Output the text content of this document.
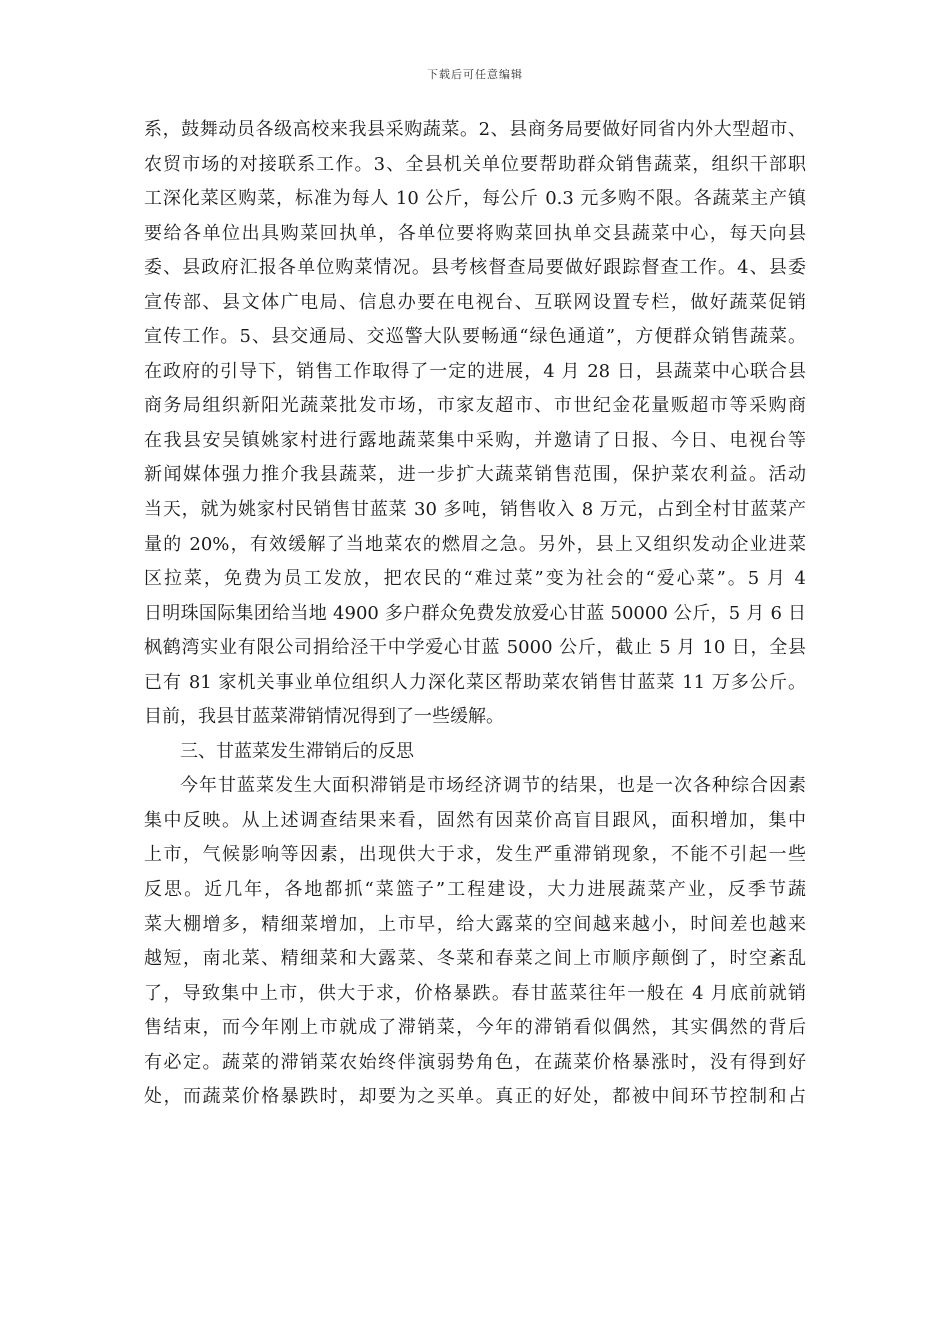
下载后可任意编辑
系，鼓舞动员各级高校来我县采购蔬菜。2、县商务局要做好同省内外大型超市、
农贸市场的对接联系工作。3、全县机关单位要帮助群众销售蔬菜，组织干部职
工深化菜区购菜，标准为每人 10 公斤，每公斤 0.3 元多购不限。各蔬菜主产镇
要给各单位出具购菜回执单，各单位要将购菜回执单交县蔬菜中心，每天向县
委、县政府汇报各单位购菜情况。县考核督查局要做好跟踪督查工作。4、县委
宣传部、县文体广电局、信息办要在电视台、互联网设置专栏，做好蔬菜促销
宣传工作。5、县交通局、交巡警大队要畅通“绿色通道”，方便群众销售蔬菜。
在政府的引导下，销售工作取得了一定的进展，4 月 28 日，县蔬菜中心联合县
商务局组织新阳光蔬菜批发市场，市家友超市、市世纪金花量贩超市等采购商
在我县安吴镇姚家村进行露地蔬菜集中采购，并邀请了日报、今日、电视台等
新闻媒体强力推介我县蔬菜，进一步扩大蔬菜销售范围，保护菜农利益。活动
当天，就为姚家村民销售甘蓝菜 30 多吨，销售收入 8 万元，占到全村甘蓝菜产
量的 20%，有效缓解了当地菜农的燃眉之急。另外，县上又组织发动企业进菜
区拉菜，免费为员工发放，把农民的“难过菜”变为社会的“爱心菜”。5 月 4
日明珠国际集团给当地 4900 多户群众免费发放爱心甘蓝 50000 公斤，5 月 6 日
枫鹤湾实业有限公司捐给泾干中学爱心甘蓝 5000 公斤，截止 5 月 10 日，全县
已有 81 家机关事业单位组织人力深化菜区帮助菜农销售甘蓝菜 11 万多公斤。
目前，我县甘蓝菜滞销情况得到了一些缓解。
三、甘蓝菜发生滞销后的反思
今年甘蓝菜发生大面积滞销是市场经济调节的结果，也是一次各种综合因素
集中反映。从上述调查结果来看，固然有因菜价高盲目跟风，面积增加，集中
上市，气候影响等因素，出现供大于求，发生严重滞销现象，不能不引起一些
反思。近几年，各地都抓“菜篮子”工程建设，大力进展蔬菜产业，反季节蔬
菜大棚增多，精细菜增加，上市早，给大露菜的空间越来越小，时间差也越来
越短，南北菜、精细菜和大露菜、冬菜和春菜之间上市顺序颠倒了，时空紊乱
了，导致集中上市，供大于求，价格暴跌。春甘蓝菜往年一般在 4 月底前就销
售结束，而今年刚上市就成了滞销菜，今年的滞销看似偶然，其实偶然的背后
有必定。蔬菜的滞销菜农始终伴演弱势角色，在蔬菜价格暴涨时，没有得到好
处，而蔬菜价格暴跌时，却要为之买单。真正的好处，都被中间环节控制和占
